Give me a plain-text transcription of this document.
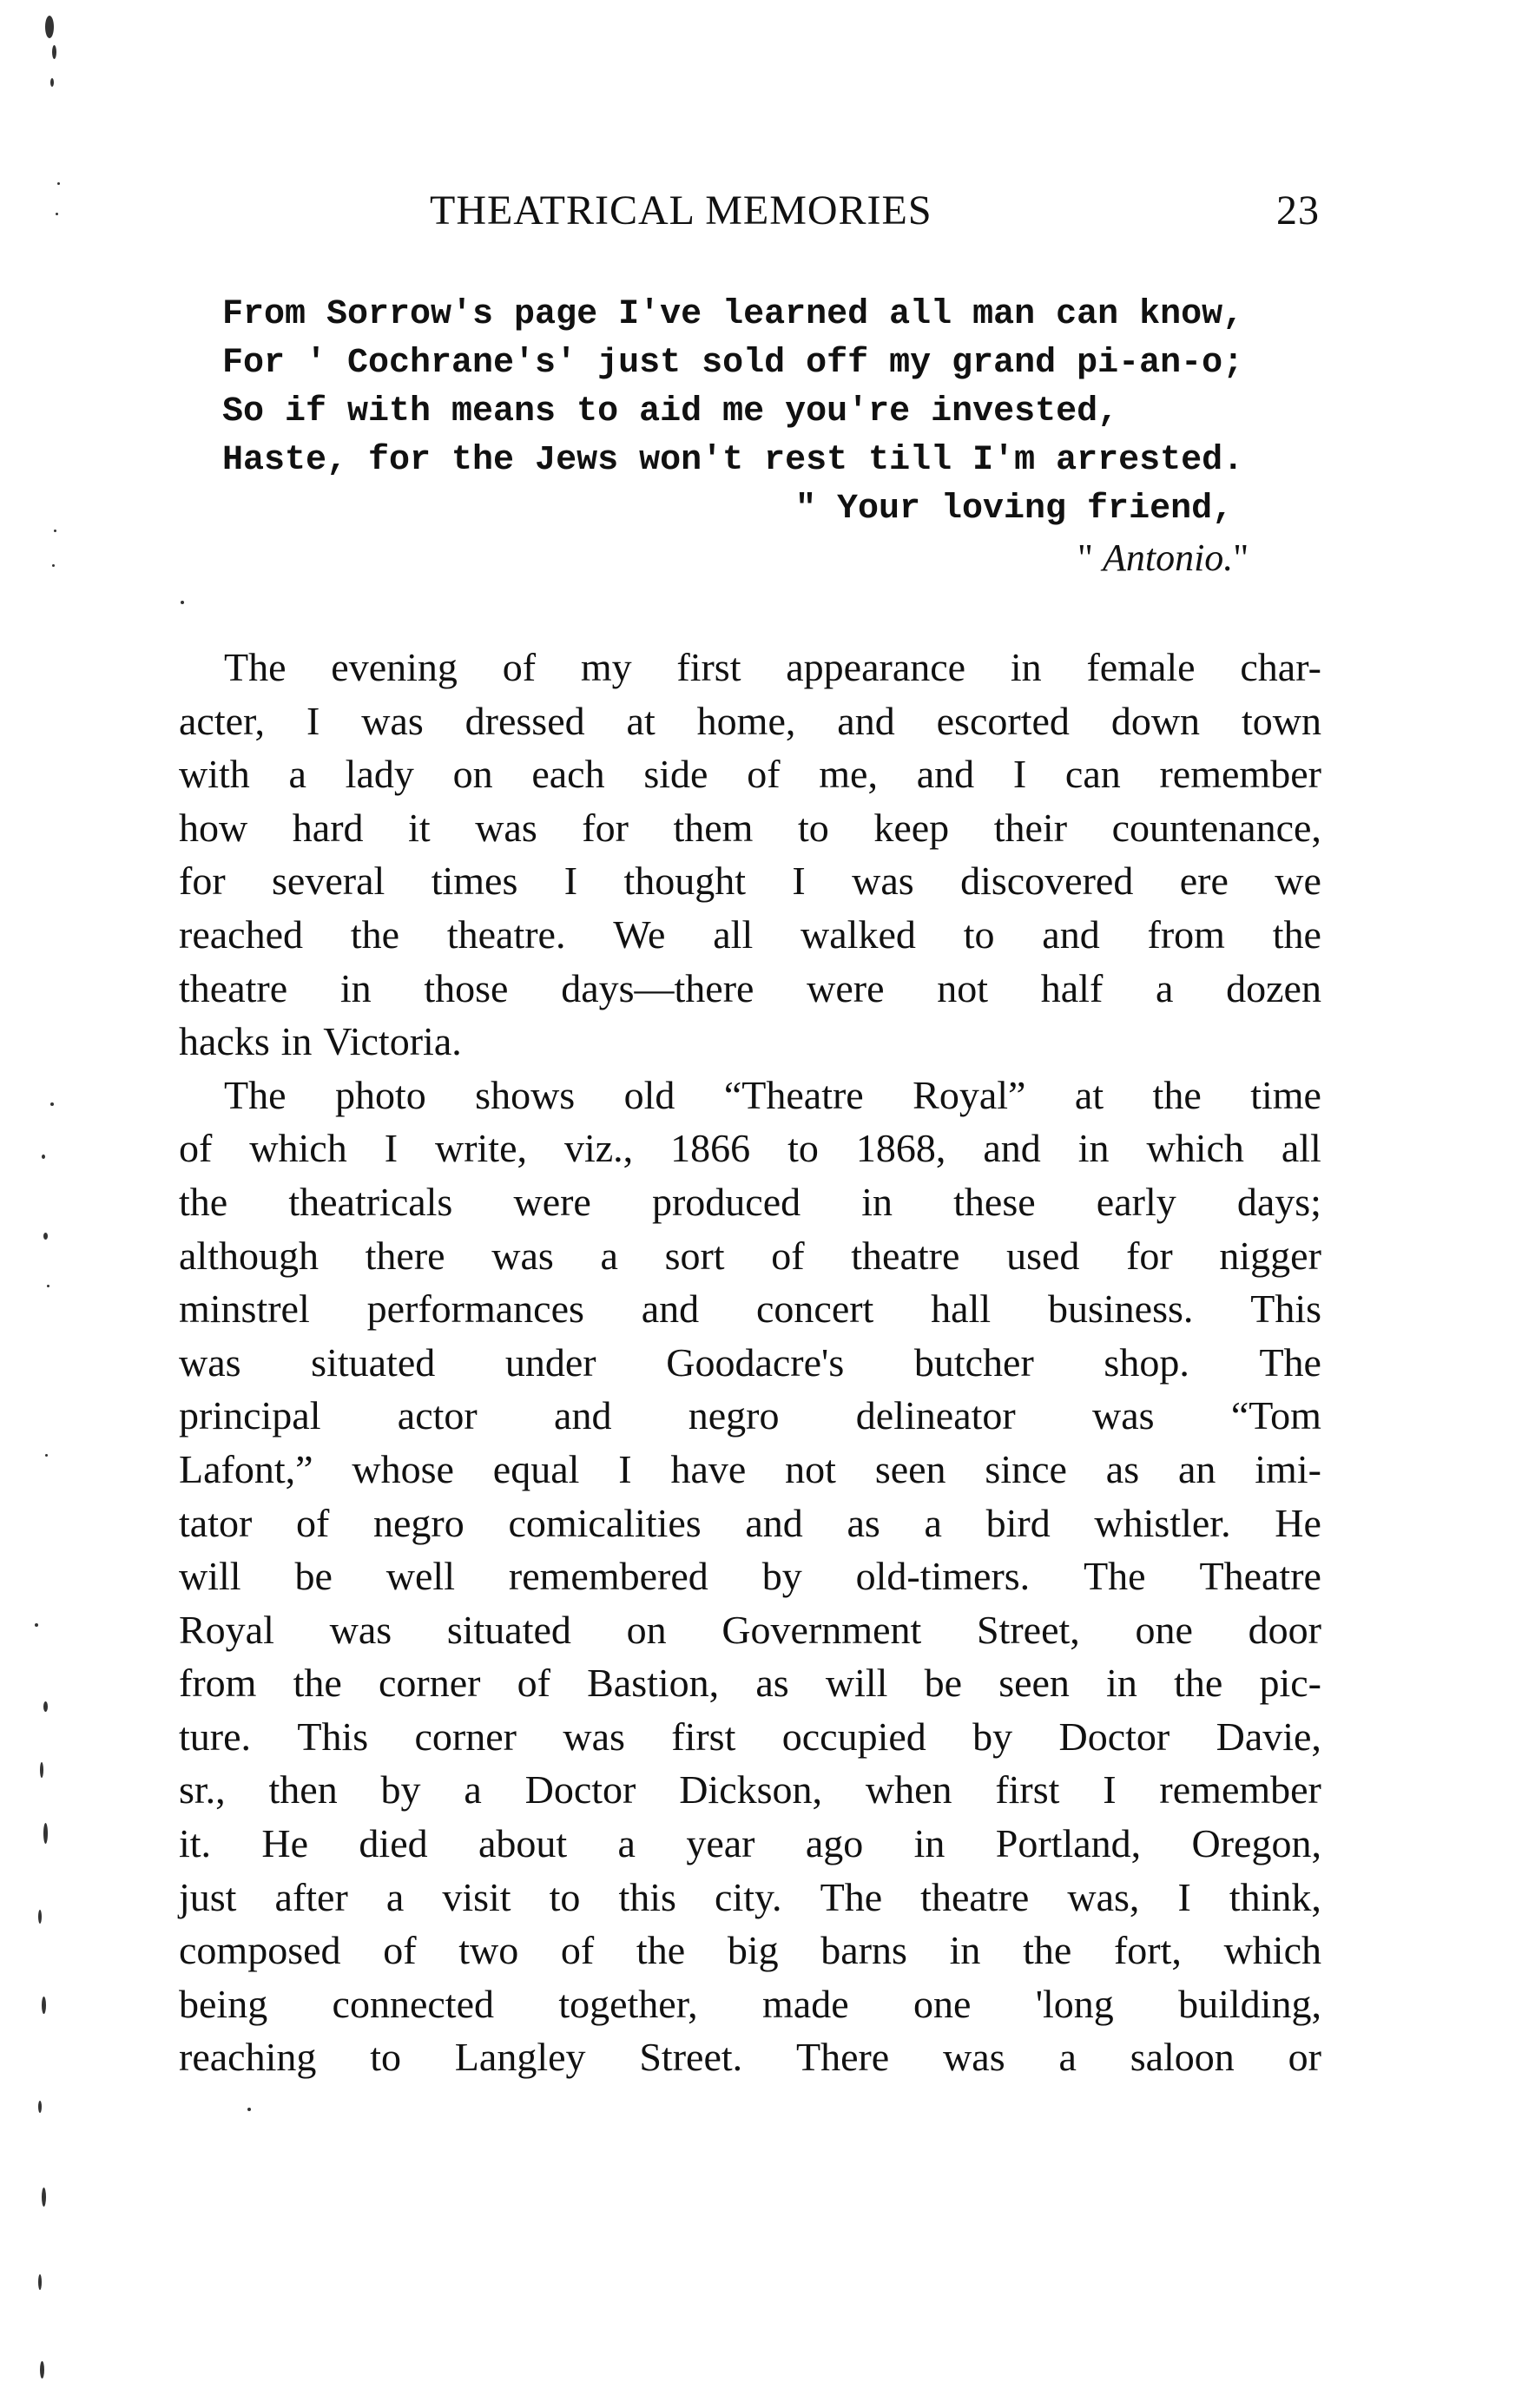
THEATRICAL MEMORIES	23
From Sorrow's page I've learned all man can know,
For ' Cochrane's' just sold off my grand pi-an-o;
So if with means to aid me you're invested,
Haste, for the Jews won't rest till I'm arrested.
" Your loving friend,
" Antonio."
The evening of my first appearance in female char-
acter, I was dressed at home, and escorted down town
with a lady on each side of me, and I can remember
how hard it was for them to keep their countenance,
for several times I thought I was discovered ere we
reached the theatre. We all walked to and from the
theatre in those days—there were not half a dozen
hacks in Victoria.
The photo shows old “Theatre Royal” at the time
of which I write, viz., 1866 to 1868, and in which all
the theatricals were produced in these early days;
although there was a sort of theatre used for nigger
minstrel performances and concert hall business. This
was situated under Goodacre's butcher shop. The
principal actor and negro delineator was “Tom
Lafont,” whose equal I have not seen since as an imi-
tator of negro comicalities and as a bird whistler. He
will be well remembered by old-timers. The Theatre
Royal was situated on Government Street, one door
from the corner of Bastion, as will be seen in the pic-
ture. This corner was first occupied by Doctor Davie,
sr., then by a Doctor Dickson, when first I remember
it. He died about a year ago in Portland, Oregon,
just after a visit to this city. The theatre was, I think,
composed of two of the big barns in the fort, which
being connected together, made one 'long building,
reaching to Langley Street. There was a saloon or
